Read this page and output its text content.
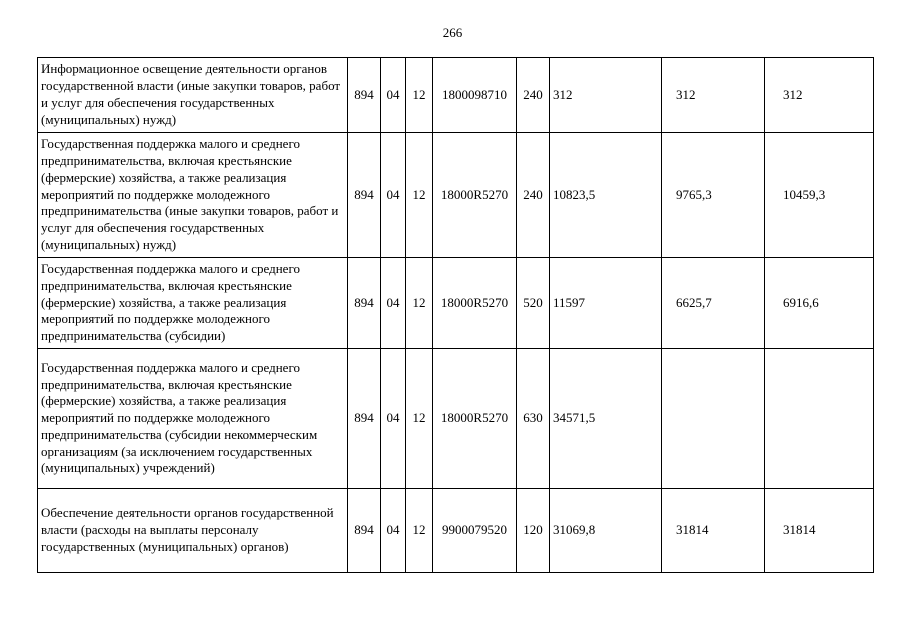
266
Информационное освещение деятельности органов государственной власти (иные закупки товаров, работ и услуг для обеспечения государственных (муниципальных) нужд)	894	04	12	1800098710	240	312	312	312
Государственная поддержка малого и среднего предпринимательства, включая крестьянские (фермерские) хозяйства, а также реализация мероприятий по поддержке молодежного предпринимательства (иные закупки товаров, работ и услуг для обеспечения государственных (муниципальных) нужд)	894	04	12	18000R5270	240	10823,5	9765,3	10459,3
Государственная поддержка малого и среднего предпринимательства, включая крестьянские (фермерские) хозяйства, а также реализация мероприятий по поддержке молодежного предпринимательства (субсидии)	894	04	12	18000R5270	520	11597	6625,7	6916,6
Государственная поддержка малого и среднего предпринимательства, включая крестьянские (фермерские) хозяйства, а также реализация мероприятий по поддержке молодежного предпринимательства (субсидии некоммерческим организациям (за исключением государственных (муниципальных) учреждений)	894	04	12	18000R5270	630	34571,5		
Обеспечение деятельности органов государственной власти (расходы на выплаты персоналу государственных (муниципальных) органов)	894	04	12	9900079520	120	31069,8	31814	31814
